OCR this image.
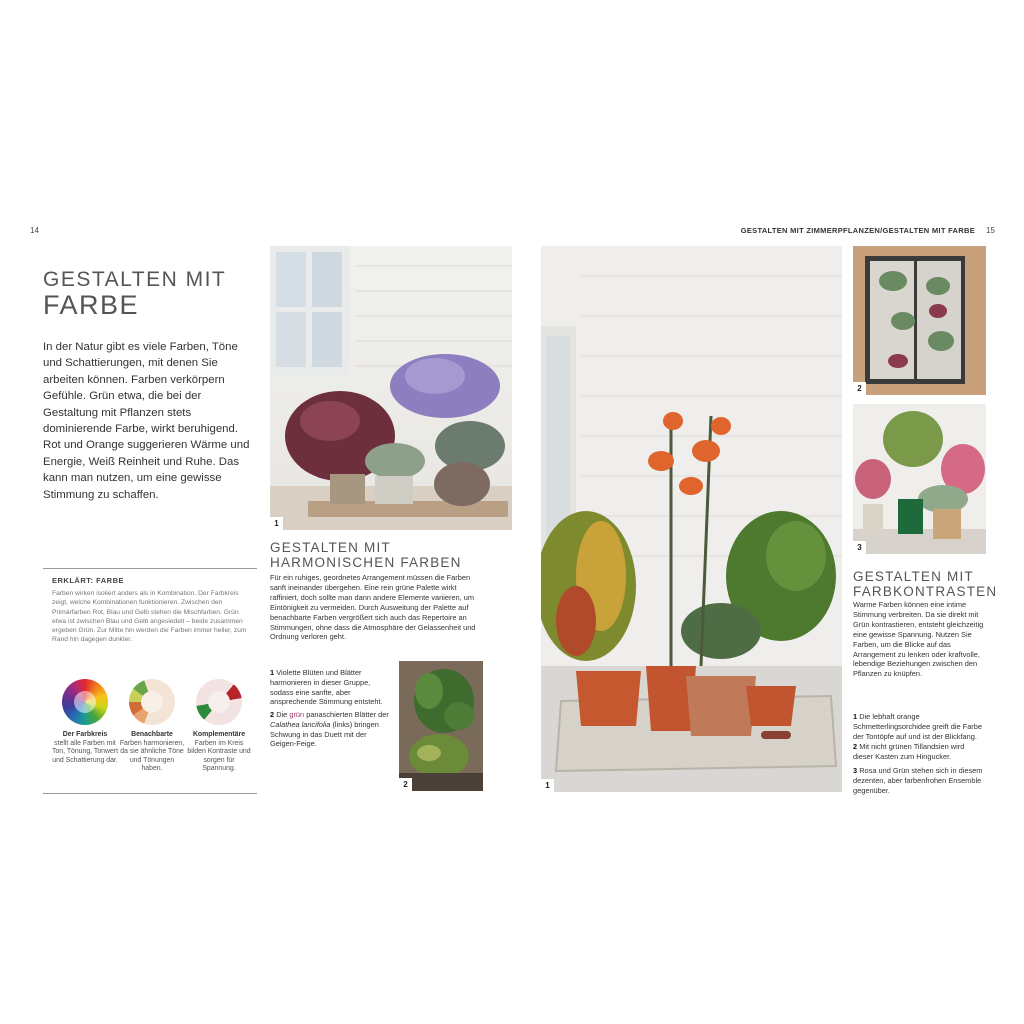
14	GESTALTEN MIT ZIMMERPFLANZEN/GESTALTEN MIT FARBE 15
GESTALTEN MIT
FARBE
In der Natur gibt es viele Farben, Töne und Schattierungen, mit denen Sie arbeiten können. Farben verkörpern Gefühle. Grün etwa, die bei der Gestaltung mit Pflanzen stets dominierende Farbe, wirkt beruhigend. Rot und Orange suggerieren Wärme und Energie, Weiß Reinheit und Ruhe. Das kann man nutzen, um eine gewisse Stimmung zu schaffen.
ERKLÄRT: FARBE
Farben wirken isoliert anders als in Kombination. Der Farbkreis zeigt, welche Kombinationen funktionieren. Zwischen den Primärfarben Rot, Blau und Gelb stehen die Mischfarben. Grün etwa ist zwischen Blau und Gelb angesiedelt – beide zusammen ergeben Grün. Zur Mitte hin werden die Farben immer heller, zum Rand hin dagegen dunkler.
Der Farbkreis
stellt alle Farben mit Ton, Tönung, Tonwert und Schattierung dar.
Benachbarte
Farben harmonieren, da sie ähnliche Töne und Tönungen haben.
Komplementäre
Farben im Kreis bilden Kontraste und sorgen für Spannung.
1
GESTALTEN MIT
HARMONISCHEN FARBEN
Für ein ruhiges, geordnetes Arrangement müssen die Farben sanft ineinander übergehen. Eine rein grüne Palette wirkt raffiniert, doch sollte man dann andere Elemente variieren, um Eintönigkeit zu vermeiden. Durch Ausweitung der Palette auf benachbarte Farben vergrößert sich auch das Repertoire an Stimmungen, ohne dass die Atmosphäre der Gelassenheit und Ordnung verloren geht.
1 Violette Blüten und Blätter harmonieren in dieser Gruppe, sodass eine sanfte, aber ansprechende Stimmung entsteht.
2 Die grün panaschierten Blätter der Calathea lancifolia (links) bringen Schwung in das Duett mit der Geigen-Feige.
2	1
2
3
GESTALTEN MIT
FARBKONTRASTEN
Warme Farben können eine intime Stimmung verbreiten. Da sie direkt mit Grün kontrastieren, entsteht gleichzeitig eine gewisse Spannung. Nutzen Sie Farben, um die Blicke auf das Arrangement zu lenken oder kraftvolle, lebendige Beziehungen zwischen den Pflanzen zu knüpfen.
1 Die lebhaft orange Schmetterlingsorchidee greift die Farbe der Tontöpfe auf und ist der Blickfang.
2 Mit nicht grünen Tillandsien wird dieser Kasten zum Hingucker.
3 Rosa und Grün stehen sich in diesem dezenten, aber farbenfrohen Ensemble gegenüber.
